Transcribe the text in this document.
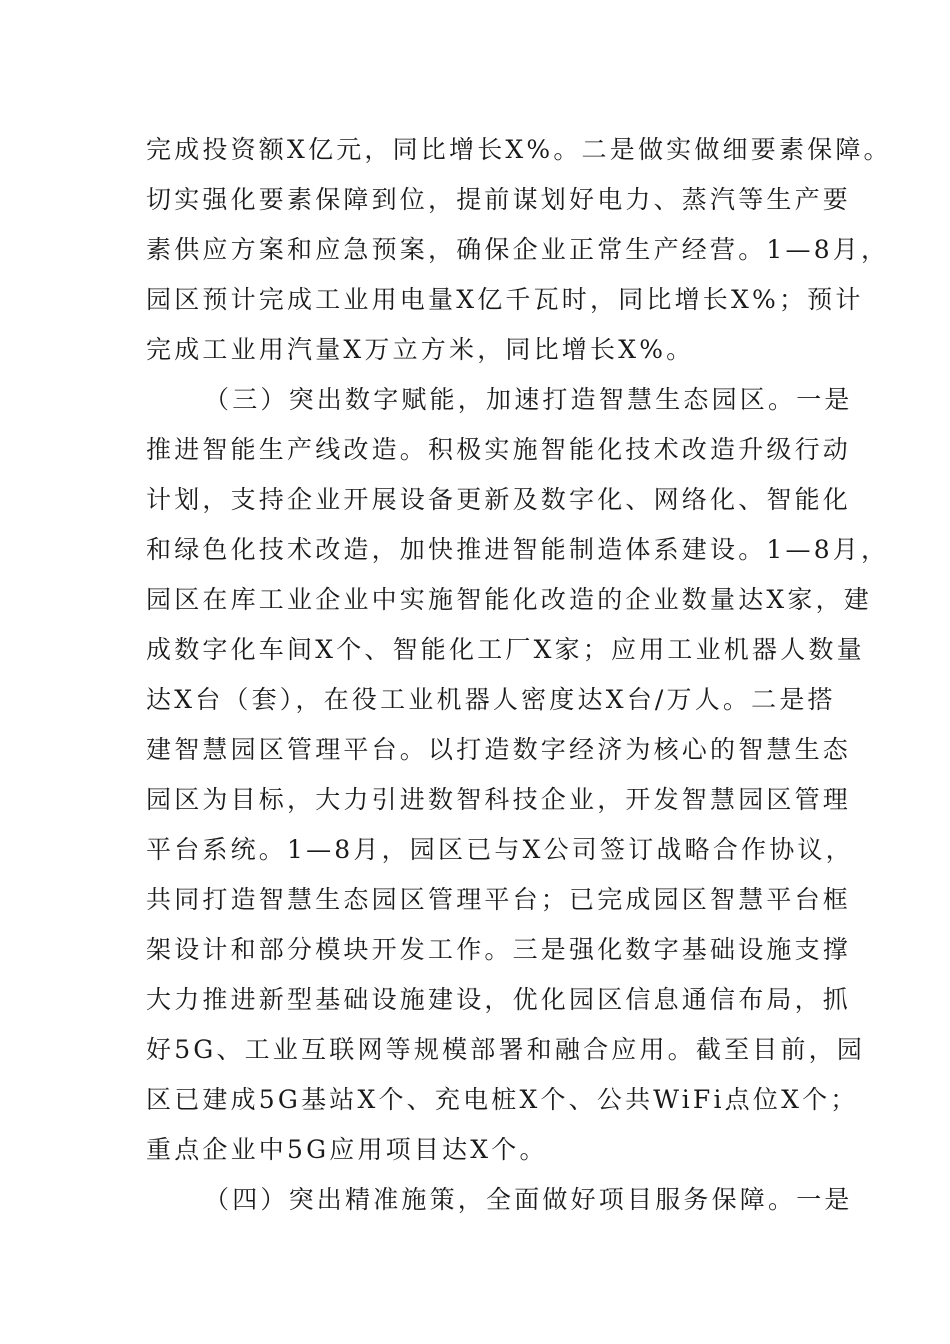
完成投资额X亿元，同比增长X%。二是做实做细要素保障。
切实强化要素保障到位，提前谋划好电力、蒸汽等生产要
素供应方案和应急预案，确保企业正常生产经营。1—8月，
园区预计完成工业用电量X亿千瓦时，同比增长X%；预计
完成工业用汽量X万立方米，同比增长X%。
（三）突出数字赋能，加速打造智慧生态园区。一是
推进智能生产线改造。积极实施智能化技术改造升级行动
计划，支持企业开展设备更新及数字化、网络化、智能化
和绿色化技术改造，加快推进智能制造体系建设。1—8月，
园区在库工业企业中实施智能化改造的企业数量达X家，建
成数字化车间X个、智能化工厂X家；应用工业机器人数量
达X台（套），在役工业机器人密度达X台/万人。二是搭
建智慧园区管理平台。以打造数字经济为核心的智慧生态
园区为目标，大力引进数智科技企业，开发智慧园区管理
平台系统。1—8月，园区已与X公司签订战略合作协议，
共同打造智慧生态园区管理平台；已完成园区智慧平台框
架设计和部分模块开发工作。三是强化数字基础设施支撑
大力推进新型基础设施建设，优化园区信息通信布局，抓
好5G、工业互联网等规模部署和融合应用。截至目前，园
区已建成5G基站X个、充电桩X个、公共WiFi点位X个；
重点企业中5G应用项目达X个。
（四）突出精准施策，全面做好项目服务保障。一是
